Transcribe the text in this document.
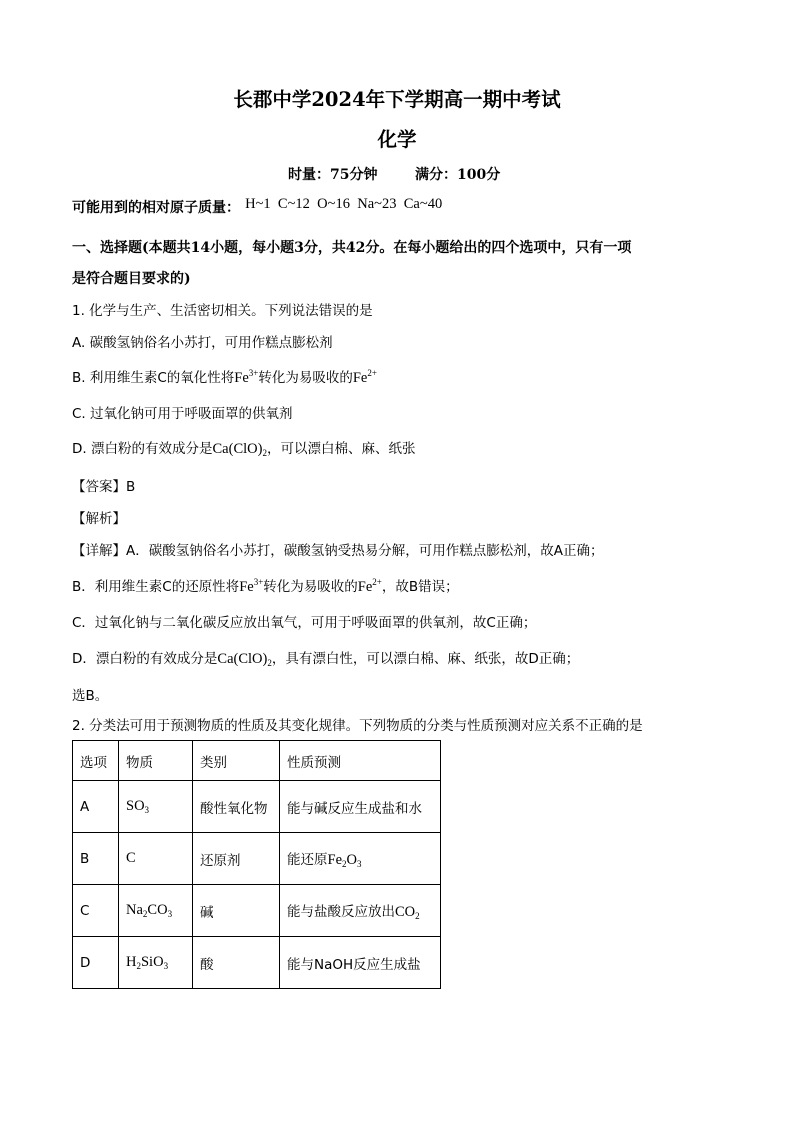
长郡中学2024年下学期高一期中考试
化学
时量：75分钟	满分：100分
可能用到的相对原子质量： H~1  C~12  O~16  Na~23  Ca~40
一、选择题(本题共14小题，每小题3分，共42分。在每小题给出的四个选项中，只有一项
是符合题目要求的)
1. 化学与生产、生活密切相关。下列说法错误的是
A. 碳酸氢钠俗名小苏打，可用作糕点膨松剂
B. 利用维生素C的氧化性将$Fe^{3+}$转化为易吸收的$Fe^{2+}$
C. 过氧化钠可用于呼吸面罩的供氧剂
D. 漂白粉的有效成分是$Ca(ClO)_2$，可以漂白棉、麻、纸张
【答案】B
【解析】
【详解】A．碳酸氢钠俗名小苏打，碳酸氢钠受热易分解，可用作糕点膨松剂，故A正确；
B．利用维生素C的还原性将$Fe^{3+}$转化为易吸收的$Fe^{2+}$，故B错误；
C．过氧化钠与二氧化碳反应放出氧气，可用于呼吸面罩的供氧剂，故C正确；
D．漂白粉的有效成分是$Ca(ClO)_2$，具有漂白性，可以漂白棉、麻、纸张，故D正确；
选B。
2. 分类法可用于预测物质的性质及其变化规律。下列物质的分类与性质预测对应关系不正确的是
选项	物质	类别	性质预测
A	$SO_3$	酸性氧化物	能与碱反应生成盐和水
B	C	还原剂	能还原$Fe_2O_3$
C	$Na_2CO_3$	碱	能与盐酸反应放出$CO_2$
D	$H_2SiO_3$	酸	能与NaOH反应生成盐
